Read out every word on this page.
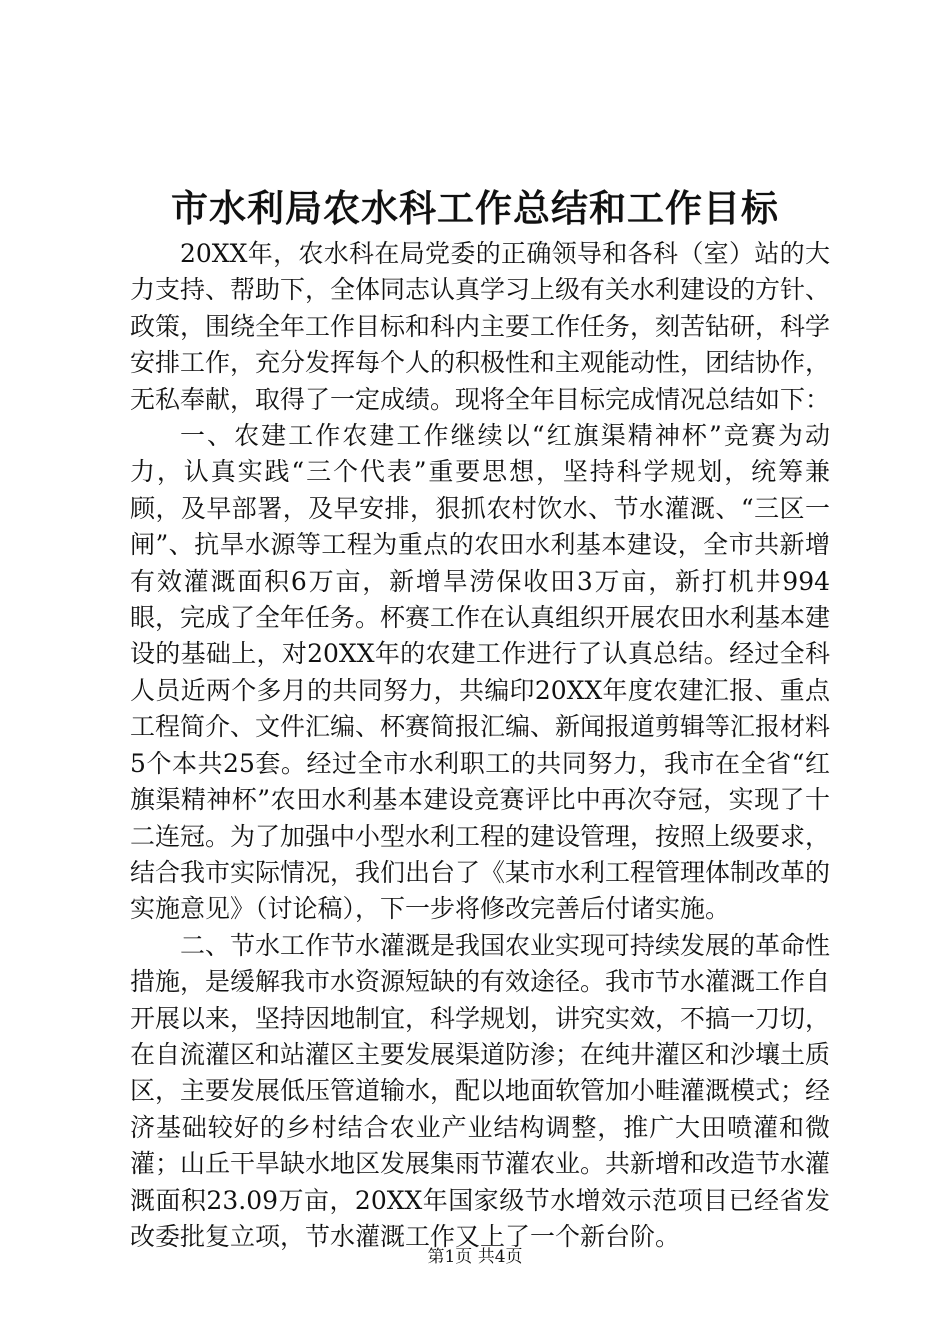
市水利局农水科工作总结和工作目标

20XX年，农水科在局党委的正确领导和各科（室）站的大力支持、帮助下，全体同志认真学习上级有关水利建设的方针、政策，围绕全年工作目标和科内主要工作任务，刻苦钻研，科学安排工作，充分发挥每个人的积极性和主观能动性，团结协作，无私奉献，取得了一定成绩。现将全年目标完成情况总结如下：

一、农建工作农建工作继续以“红旗渠精神杯”竞赛为动力，认真实践“三个代表”重要思想，坚持科学规划，统筹兼顾，及早部署，及早安排，狠抓农村饮水、节水灌溉、“三区一闸”、抗旱水源等工程为重点的农田水利基本建设，全市共新增有效灌溉面积6万亩，新增旱涝保收田3万亩，新打机井994眼，完成了全年任务。杯赛工作在认真组织开展农田水利基本建设的基础上，对20XX年的农建工作进行了认真总结。经过全科人员近两个多月的共同努力，共编印20XX年度农建汇报、重点工程简介、文件汇编、杯赛简报汇编、新闻报道剪辑等汇报材料5个本共25套。经过全市水利职工的共同努力，我市在全省“红旗渠精神杯”农田水利基本建设竞赛评比中再次夺冠，实现了十二连冠。为了加强中小型水利工程的建设管理，按照上级要求，结合我市实际情况，我们出台了《某市水利工程管理体制改革的实施意见》（讨论稿），下一步将修改完善后付诸实施。

二、节水工作节水灌溉是我国农业实现可持续发展的革命性措施，是缓解我市水资源短缺的有效途径。我市节水灌溉工作自开展以来，坚持因地制宜，科学规划，讲究实效，不搞一刀切，在自流灌区和站灌区主要发展渠道防渗；在纯井灌区和沙壤土质区，主要发展低压管道输水，配以地面软管加小畦灌溉模式；经济基础较好的乡村结合农业产业结构调整，推广大田喷灌和微灌；山丘干旱缺水地区发展集雨节灌农业。共新增和改造节水灌溉面积23.09万亩，20XX年国家级节水增效示范项目已经省发改委批复立项，节水灌溉工作又上了一个新台阶。

第1页 共4页
